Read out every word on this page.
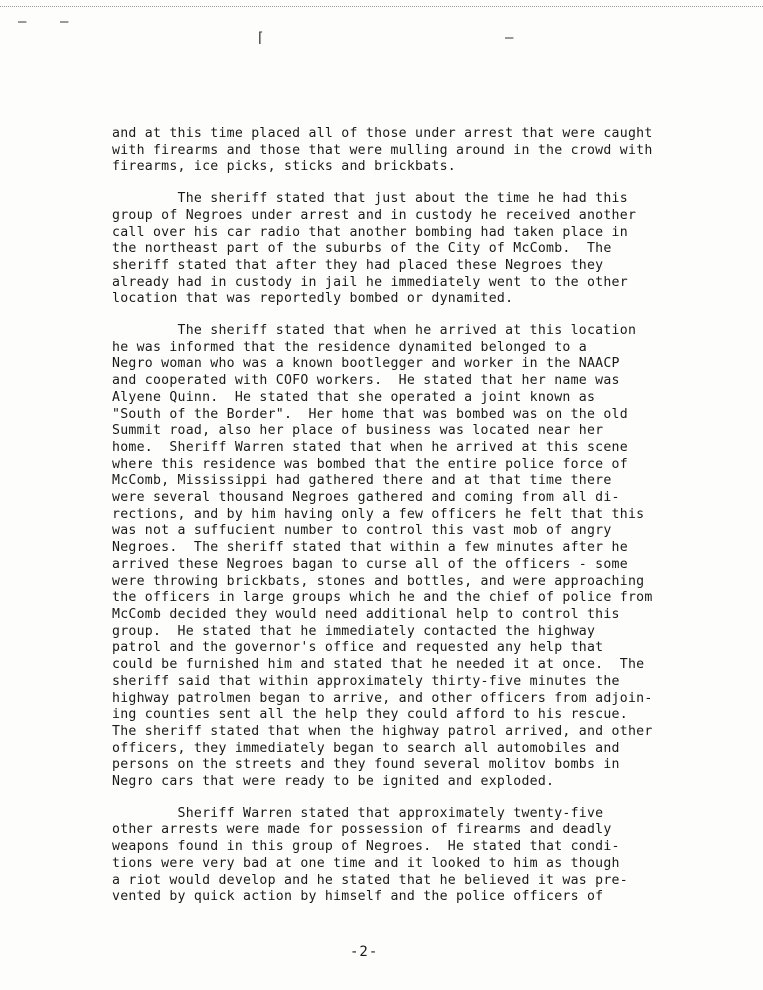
— –
⌈	–

and at this time placed all of those under arrest that were caught
with firearms and those that were mulling around in the crowd with
firearms, ice picks, sticks and brickbats.

The sheriff stated that just about the time he had this
group of Negroes under arrest and in custody he received another
call over his car radio that another bombing had taken place in
the northeast part of the suburbs of the City of McComb.  The
sheriff stated that after they had placed these Negroes they
already had in custody in jail he immediately went to the other
location that was reportedly bombed or dynamited.

The sheriff stated that when he arrived at this location
he was informed that the residence dynamited belonged to a
Negro woman who was a known bootlegger and worker in the NAACP
and cooperated with COFO workers.  He stated that her name was
Alyene Quinn.  He stated that she operated a joint known as
"South of the Border".  Her home that was bombed was on the old
Summit road, also her place of business was located near her
home.  Sheriff Warren stated that when he arrived at this scene
where this residence was bombed that the entire police force of
McComb, Mississippi had gathered there and at that time there
were several thousand Negroes gathered and coming from all di-
rections, and by him having only a few officers he felt that this
was not a suffucient number to control this vast mob of angry
Negroes.  The sheriff stated that within a few minutes after he
arrived these Negroes bagan to curse all of the officers - some
were throwing brickbats, stones and bottles, and were approaching
the officers in large groups which he and the chief of police from
McComb decided they would need additional help to control this
group.  He stated that he immediately contacted the highway
patrol and the governor's office and requested any help that
could be furnished him and stated that he needed it at once.  The
sheriff said that within approximately thirty-five minutes the
highway patrolmen began to arrive, and other officers from adjoin-
ing counties sent all the help they could afford to his rescue.
The sheriff stated that when the highway patrol arrived, and other
officers, they immediately began to search all automobiles and
persons on the streets and they found several molitov bombs in
Negro cars that were ready to be ignited and exploded.

Sheriff Warren stated that approximately twenty-five
other arrests were made for possession of firearms and deadly
weapons found in this group of Negroes.  He stated that condi-
tions were very bad at one time and it looked to him as though
a riot would develop and he stated that he believed it was pre-
vented by quick action by himself and the police officers of

-2-
